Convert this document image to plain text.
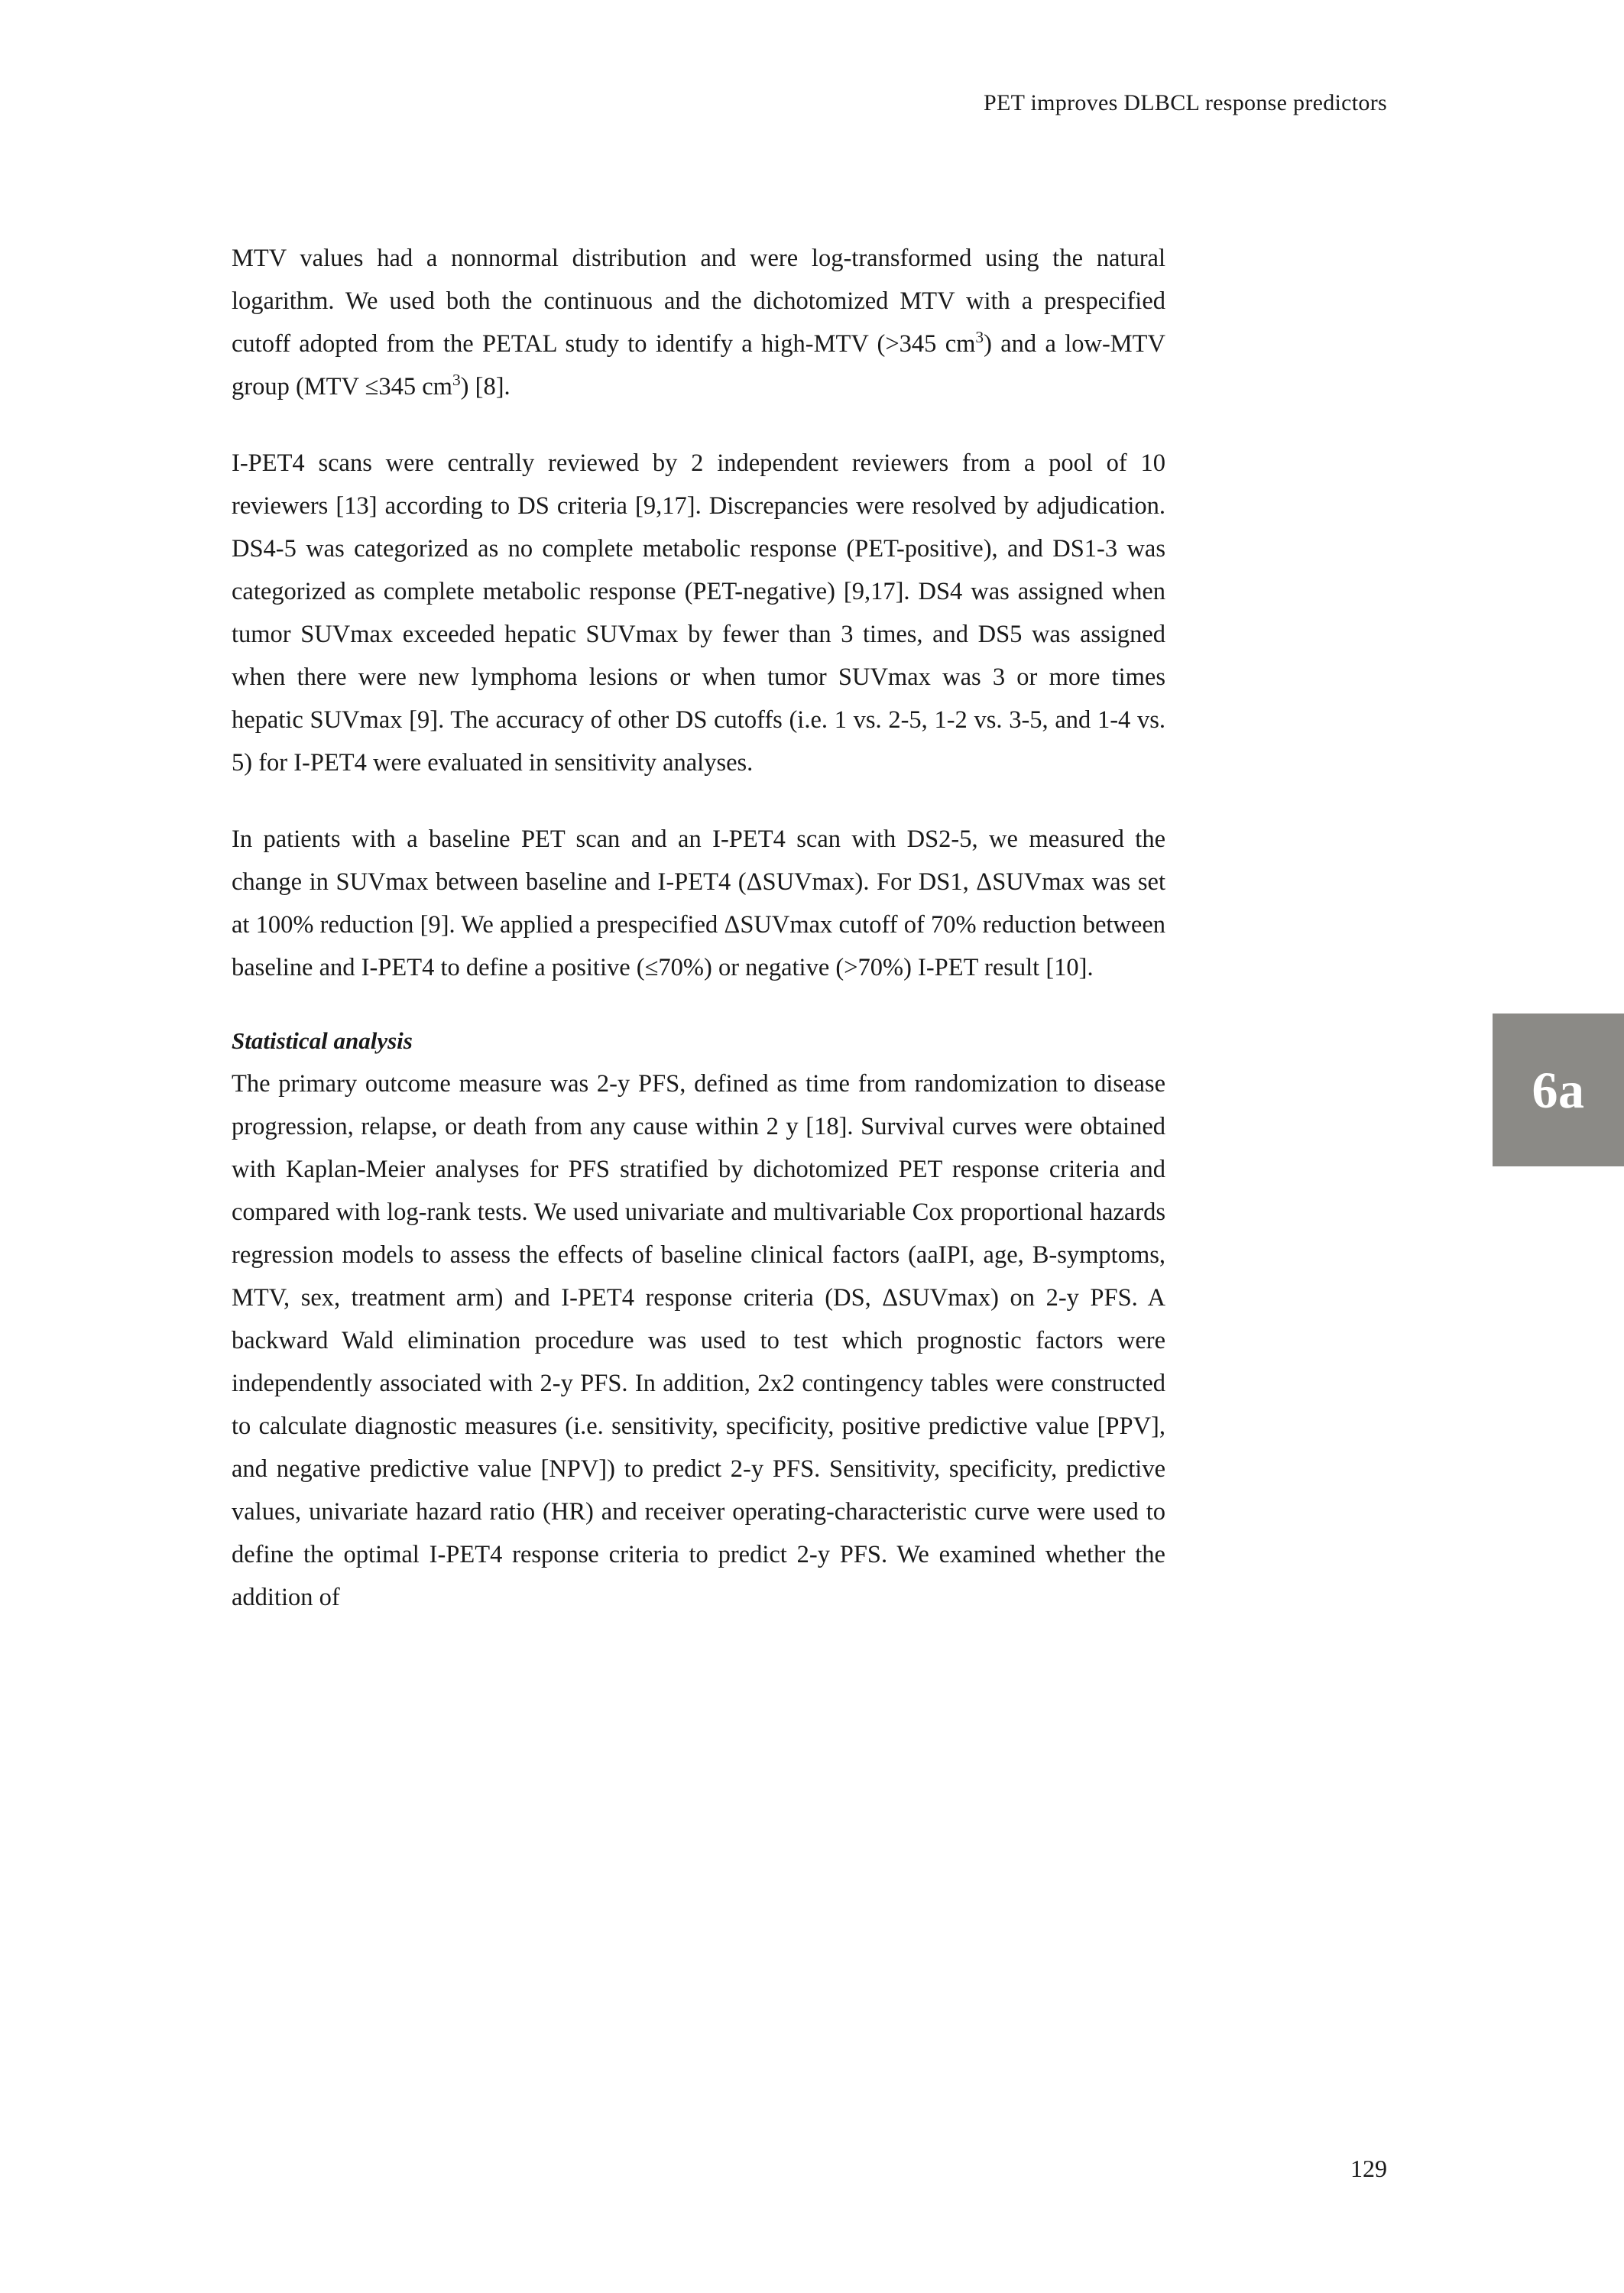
PET improves DLBCL response predictors

MTV values had a nonnormal distribution and were log-transformed using the natural logarithm. We used both the continuous and the dichotomized MTV with a prespecified cutoff adopted from the PETAL study to identify a high-MTV (>345 $cm^3$) and a low-MTV group (MTV ≤345 $cm^3$) [8].

I-PET4 scans were centrally reviewed by 2 independent reviewers from a pool of 10 reviewers [13] according to DS criteria [9,17]. Discrepancies were resolved by adjudication. DS4-5 was categorized as no complete metabolic response (PET-positive), and DS1-3 was categorized as complete metabolic response (PET-negative) [9,17]. DS4 was assigned when tumor SUVmax exceeded hepatic SUVmax by fewer than 3 times, and DS5 was assigned when there were new lymphoma lesions or when tumor SUVmax was 3 or more times hepatic SUVmax [9]. The accuracy of other DS cutoffs (i.e. 1 vs. 2-5, 1-2 vs. 3-5, and 1-4 vs. 5) for I-PET4 were evaluated in sensitivity analyses.

In patients with a baseline PET scan and an I-PET4 scan with DS2-5, we measured the change in SUVmax between baseline and I-PET4 (ΔSUVmax). For DS1, ΔSUVmax was set at 100% reduction [9]. We applied a prespecified ΔSUVmax cutoff of 70% reduction between baseline and I-PET4 to define a positive (≤70%) or negative (>70%) I-PET result [10].

Statistical analysis

The primary outcome measure was 2-y PFS, defined as time from randomization to disease progression, relapse, or death from any cause within 2 y [18]. Survival curves were obtained with Kaplan-Meier analyses for PFS stratified by dichotomized PET response criteria and compared with log-rank tests. We used univariate and multivariable Cox proportional hazards regression models to assess the effects of baseline clinical factors (aaIPI, age, B-symptoms, MTV, sex, treatment arm) and I-PET4 response criteria (DS, ΔSUVmax) on 2-y PFS. A backward Wald elimination procedure was used to test which prognostic factors were independently associated with 2-y PFS. In addition, 2x2 contingency tables were constructed to calculate diagnostic measures (i.e. sensitivity, specificity, positive predictive value [PPV], and negative predictive value [NPV]) to predict 2-y PFS. Sensitivity, specificity, predictive values, univariate hazard ratio (HR) and receiver operating-characteristic curve were used to define the optimal I-PET4 response criteria to predict 2-y PFS. We examined whether the addition of

6a
129
